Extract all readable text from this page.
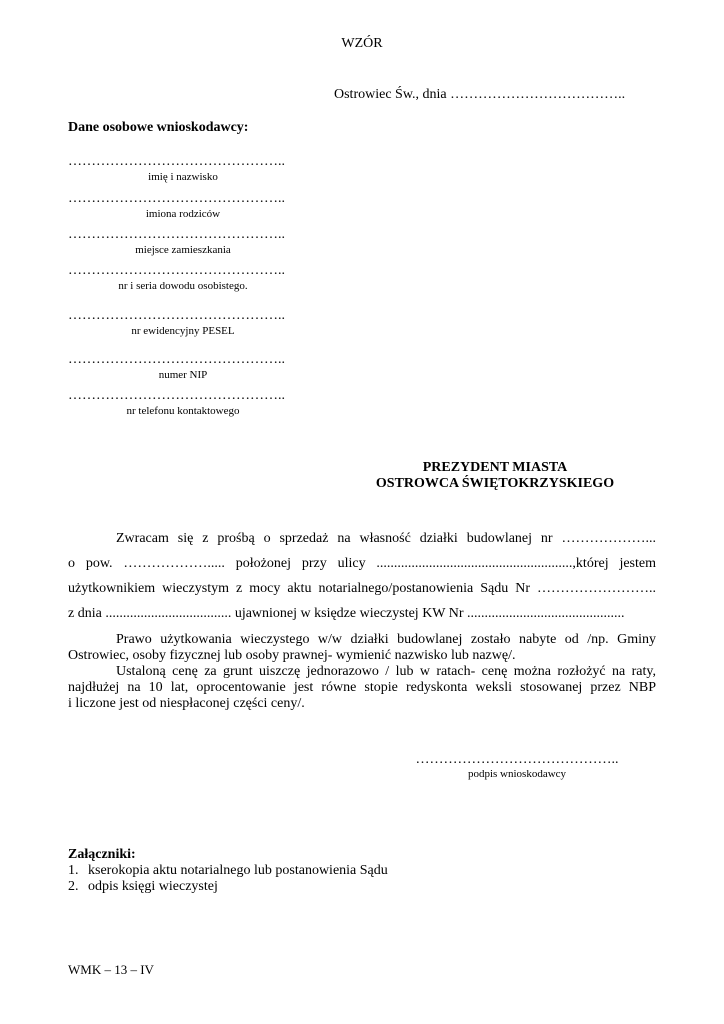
WZÓR
Ostrowiec Św., dnia ………………………………..
Dane osobowe wnioskodawcy:
………………………………………..
imię i nazwisko
………………………………………..
imiona rodziców
………………………………………..
miejsce zamieszkania
………………………………………..
nr i seria dowodu osobistego.
………………………………………..
nr ewidencyjny PESEL
………………………………………..
numer NIP
………………………………………..
nr telefonu kontaktowego
PREZYDENT MIASTA
OSTROWCA ŚWIĘTOKRZYSKIEGO
Zwracam się z prośbą o sprzedaż na własność działki budowlanej nr ………………...
o pow. ………………..... położonej przy ulicy ........................................................,której jestem
użytkownikiem wieczystym z mocy aktu notarialnego/postanowienia Sądu Nr ……………………..
z dnia .................................... ujawnionej w księdze wieczystej KW Nr .............................................
Prawo użytkowania wieczystego w/w działki budowlanej zostało nabyte od /np. Gminy
Ostrowiec, osoby fizycznej lub osoby prawnej- wymienić nazwisko lub nazwę/.
Ustaloną cenę za grunt uiszczę jednorazowo / lub w ratach- cenę można rozłożyć na raty,
najdłużej na 10 lat, oprocentowanie jest równe stopie redyskonta weksli stosowanej przez NBP
i liczone jest od niespłaconej części ceny/.
……………………………………..
podpis wnioskodawcy
Załączniki:
1. kserokopia aktu notarialnego lub postanowienia Sądu
2. odpis księgi wieczystej
WMK – 13 – IV
